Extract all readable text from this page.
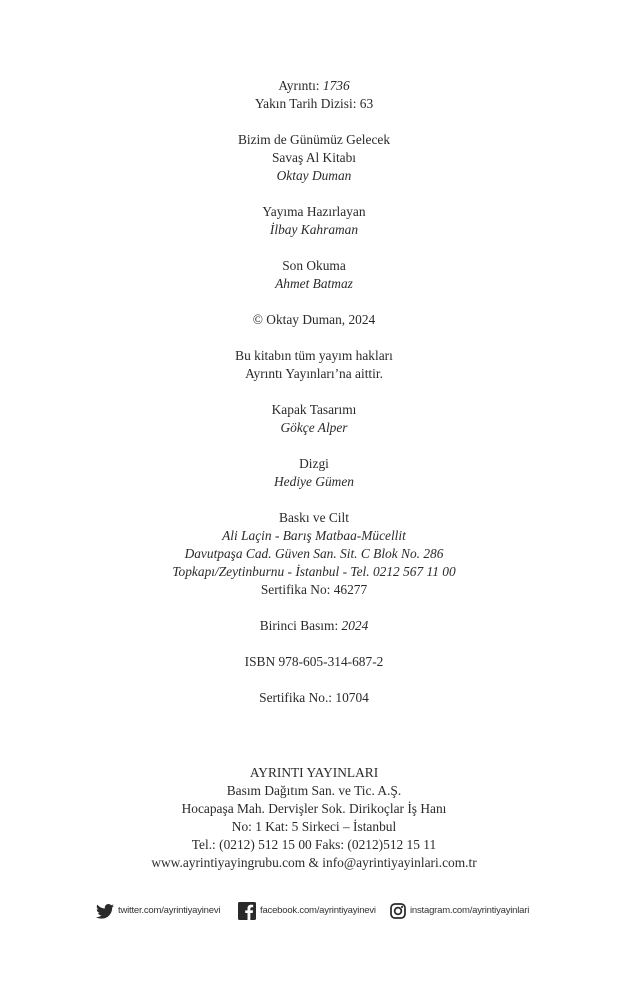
Ayrıntı: 1736
Yakın Tarih Dizisi: 63
Bizim de Günümüz Gelecek
Savaş Al Kitabı
Oktay Duman
Yayıma Hazırlayan
İlbay Kahraman
Son Okuma
Ahmet Batmaz
© Oktay Duman, 2024
Bu kitabın tüm yayım hakları
Ayrıntı Yayınları’na aittir.
Kapak Tasarımı
Gökçe Alper
Dizgi
Hediye Gümen
Baskı ve Cilt
Ali Laçin - Barış Matbaa-Mücellit
Davutpaşa Cad. Güven San. Sit. C Blok No. 286
Topkapı/Zeytinburnu - İstanbul - Tel. 0212 567 11 00
Sertifika No: 46277
Birinci Basım: 2024
ISBN 978-605-314-687-2
Sertifika No.: 10704
AYRINTI YAYINLARI
Basım Dağıtım San. ve Tic. A.Ş.
Hocapaşa Mah. Dervişler Sok. Dirikoçlar İş Hanı
No: 1 Kat: 5 Sirkeci – İstanbul
Tel.: (0212) 512 15 00 Faks: (0212)512 15 11
www.ayrintiyayingrubu.com & info@ayrintiyayinlari.com.tr
twitter.com/ayrintiyayinevi	facebook.com/ayrintiyayinevi	instagram.com/ayrintiyayinlari
